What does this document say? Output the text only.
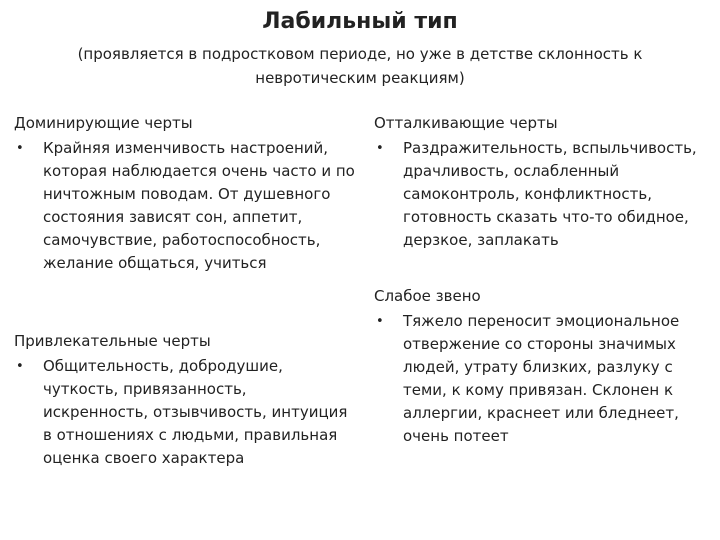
Лабильный тип
(проявляется в подростковом периоде, но уже в детстве склонность к невротическим реакциям)
Доминирующие черты
•	Крайняя изменчивость настроений, которая наблюдается очень часто и по ничтожным поводам. От душевного состояния зависят сон, аппетит, самочувствие, работоспособность, желание общаться, учиться
Привлекательные черты
•	Общительность, добродушие, чуткость, привязанность, искренность, отзывчивость, интуиция в отношениях с людьми, правильная оценка своего характера
Отталкивающие черты
•	Раздражительность, вспыльчивость, драчливость, ослабленный самоконтроль, конфликтность, готовность сказать что-то обидное, дерзкое, заплакать
Слабое звено
•	Тяжело переносит эмоциональное отвержение со стороны значимых людей, утрату близких, разлуку с теми, к кому привязан. Склонен к аллергии, краснеет или бледнеет, очень потеет
